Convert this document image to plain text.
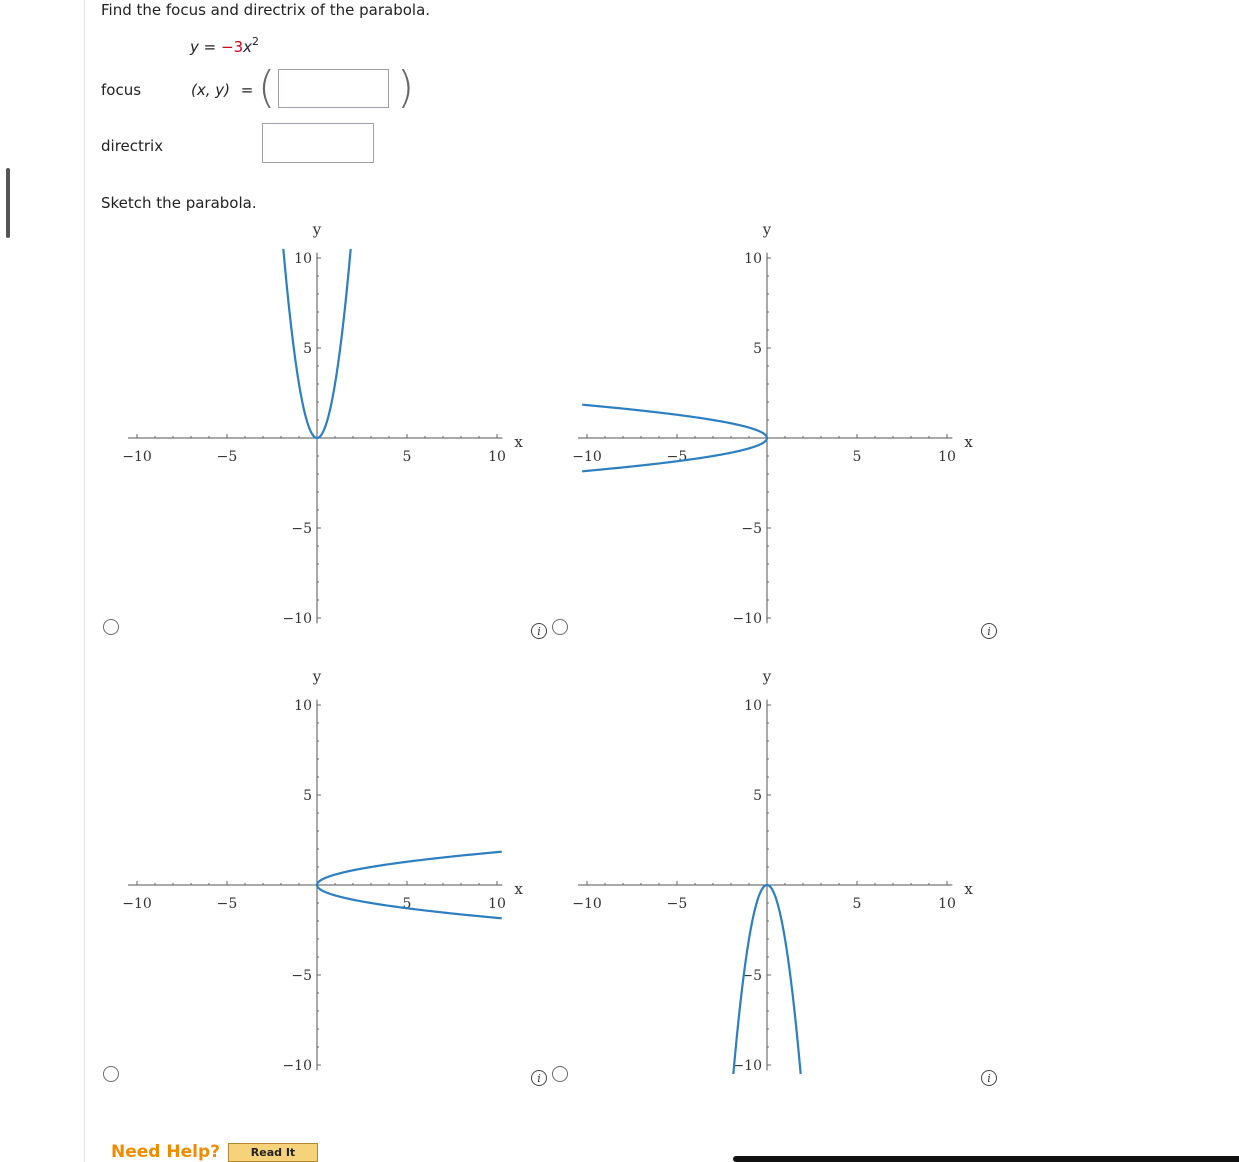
Find the focus and directrix of the parabola.
$y = -3x^2$
focus	(x, y) = (	)
directrix
Sketch the parabola.
−10
−10
−5
−5
5
5
10
10
x
y
−10
−10
−5
−5
5
5
10
10
x
y
−10
−10
−5
−5
5
5
10
10
x
y
−10
−10
−5
−5
5
5
10
10
x
y
i	i
i	i
Need Help?	Read It
